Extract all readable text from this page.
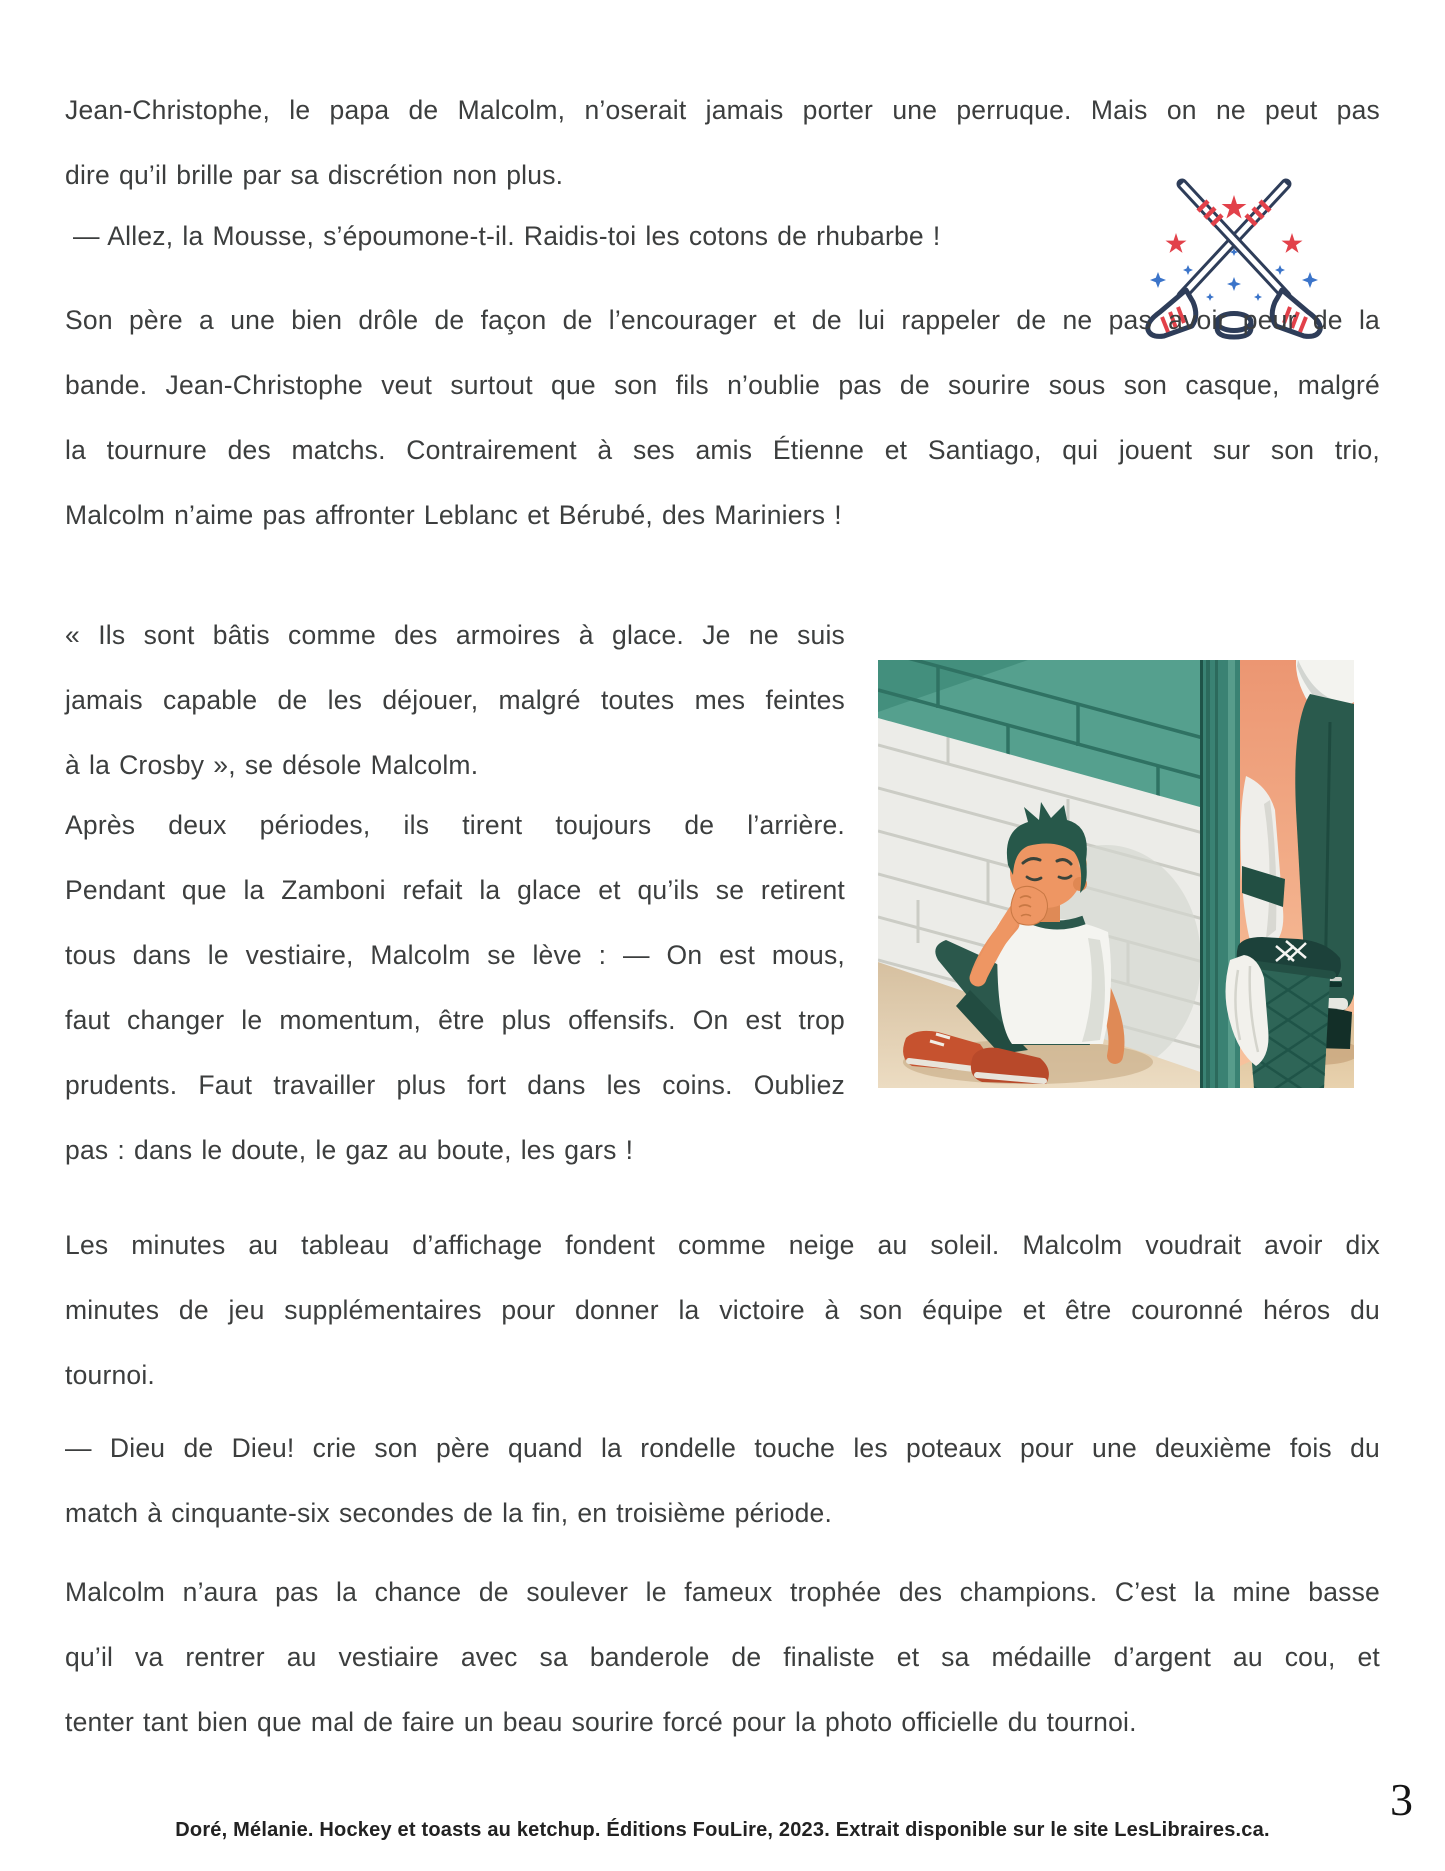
Jean-Christophe, le papa de Malcolm, n’oserait jamais porter une perruque. Mais on ne peut pas
dire qu’il brille par sa discrétion non plus.
— Allez, la Mousse, s’époumone-t-il. Raidis-toi les cotons de rhubarbe !
Son père a une bien drôle de façon de l’encourager et de lui rappeler de ne pas avoir peur de la
bande. Jean-Christophe veut surtout que son fils n’oublie pas de sourire sous son casque, malgré
la tournure des matchs. Contrairement à ses amis Étienne et Santiago, qui jouent sur son trio,
Malcolm n’aime pas affronter Leblanc et Bérubé, des Mariniers !
« Ils sont bâtis comme des armoires à glace. Je ne suis
jamais capable de les déjouer, malgré toutes mes feintes
à la Crosby », se désole Malcolm.
Après deux périodes, ils tirent toujours de l’arrière.
Pendant que la Zamboni refait la glace et qu’ils se retirent
tous dans le vestiaire, Malcolm se lève : — On est mous,
faut changer le momentum, être plus offensifs. On est trop
prudents. Faut travailler plus fort dans les coins. Oubliez
pas : dans le doute, le gaz au boute, les gars !
Les minutes au tableau d’affichage fondent comme neige au soleil. Malcolm voudrait avoir dix
minutes de jeu supplémentaires pour donner la victoire à son équipe et être couronné héros du
tournoi.
— Dieu de Dieu! crie son père quand la rondelle touche les poteaux pour une deuxième fois du
match à cinquante-six secondes de la fin, en troisième période.
Malcolm n’aura pas la chance de soulever le fameux trophée des champions. C’est la mine basse
qu’il va rentrer au vestiaire avec sa banderole de finaliste et sa médaille d’argent au cou, et
tenter tant bien que mal de faire un beau sourire forcé pour la photo officielle du tournoi.
3
Doré, Mélanie. Hockey et toasts au ketchup. Éditions FouLire, 2023. Extrait disponible sur le site LesLibraires.ca.
